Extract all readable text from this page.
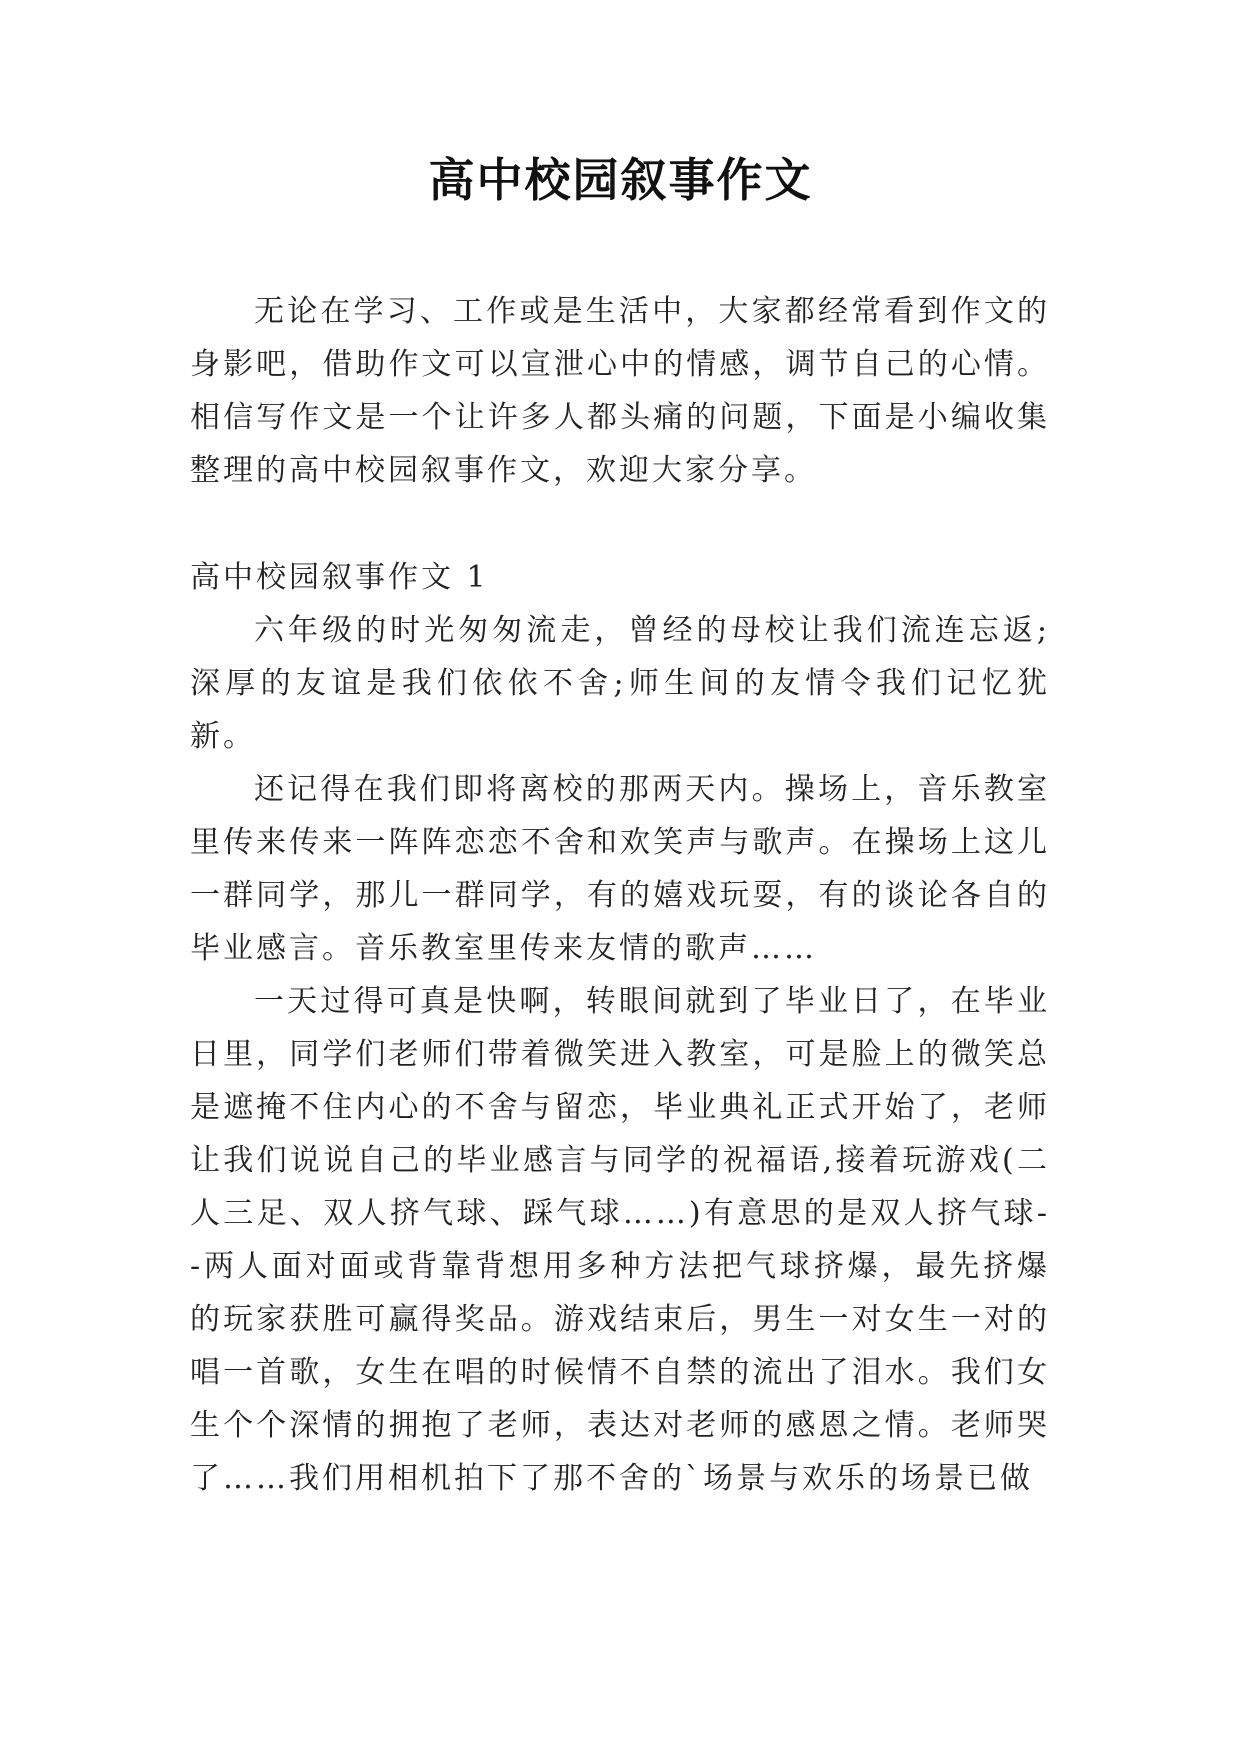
高中校园叙事作文

无论在学习、工作或是生活中，大家都经常看到作文的身影吧，借助作文可以宣泄心中的情感，调节自己的心情。相信写作文是一个让许多人都头痛的问题，下面是小编收集整理的高中校园叙事作文，欢迎大家分享。

高中校园叙事作文 1

六年级的时光匆匆流走，曾经的母校让我们流连忘返;深厚的友谊是我们依依不舍;师生间的友情令我们记忆犹新。

还记得在我们即将离校的那两天内。操场上，音乐教室里传来传来一阵阵恋恋不舍和欢笑声与歌声。在操场上这儿一群同学，那儿一群同学，有的嬉戏玩耍，有的谈论各自的毕业感言。音乐教室里传来友情的歌声……

一天过得可真是快啊，转眼间就到了毕业日了，在毕业日里，同学们老师们带着微笑进入教室，可是脸上的微笑总是遮掩不住内心的不舍与留恋，毕业典礼正式开始了，老师让我们说说自己的毕业感言与同学的祝福语,接着玩游戏(二人三足、双人挤气球、踩气球……)有意思的是双人挤气球--两人面对面或背靠背想用多种方法把气球挤爆，最先挤爆的玩家获胜可赢得奖品。游戏结束后，男生一对女生一对的唱一首歌，女生在唱的时候情不自禁的流出了泪水。我们女生个个深情的拥抱了老师，表达对老师的感恩之情。老师哭了……我们用相机拍下了那不舍的`场景与欢乐的场景已做
